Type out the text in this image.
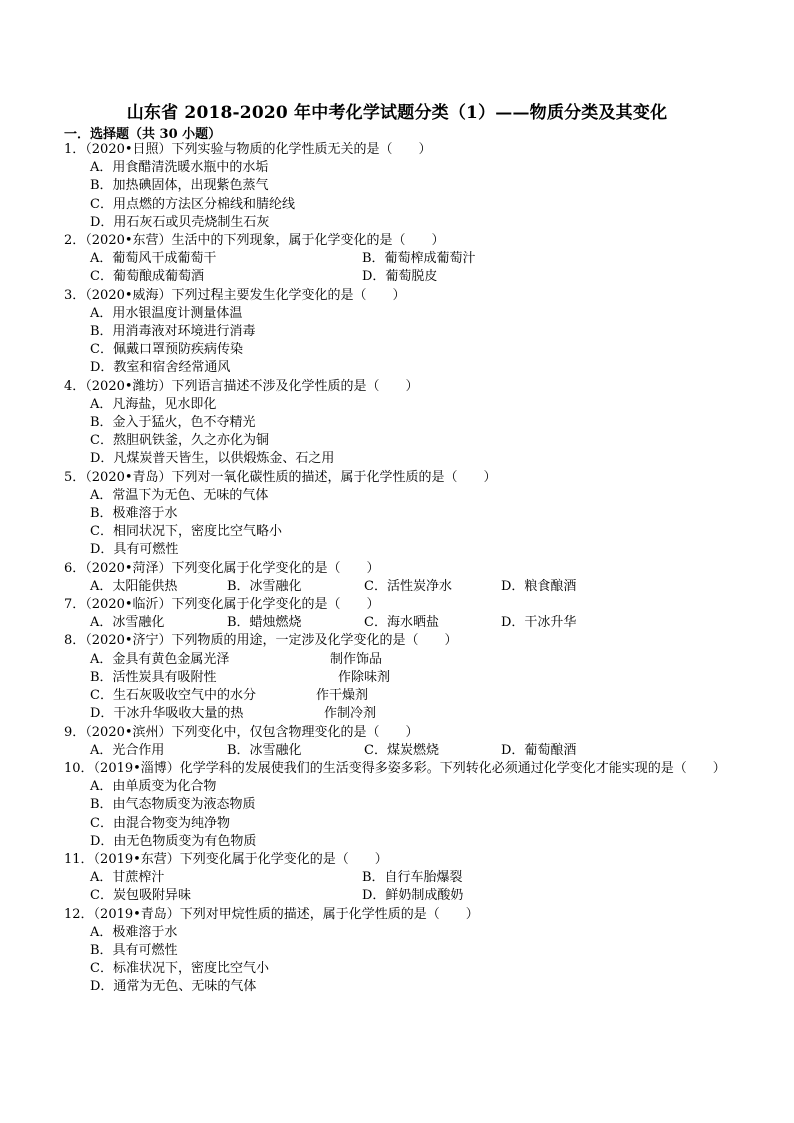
山东省 2018-2020 年中考化学试题分类（1）——物质分类及其变化
一．选择题（共 30 小题）
1．（2020•日照）下列实验与物质的化学性质无关的是（　　）
A．用食醋清洗暖水瓶中的水垢
B．加热碘固体，出现紫色蒸气
C．用点燃的方法区分棉线和腈纶线
D．用石灰石或贝壳烧制生石灰
2．（2020•东营）生活中的下列现象，属于化学变化的是（　　）
A．葡萄风干成葡萄干	B．葡萄榨成葡萄汁
C．葡萄酿成葡萄酒	D．葡萄脱皮
3．（2020•威海）下列过程主要发生化学变化的是（　　）
A．用水银温度计测量体温
B．用消毒液对环境进行消毒
C．佩戴口罩预防疾病传染
D．教室和宿舍经常通风
4．（2020•潍坊）下列语言描述不涉及化学性质的是（　　）
A．凡海盐，见水即化
B．金入于猛火，色不夺精光
C．熬胆矾铁釜，久之亦化为铜
D．凡煤炭普天皆生，以供煅炼金、石之用
5．（2020•青岛）下列对一氧化碳性质的描述，属于化学性质的是（　　）
A．常温下为无色、无味的气体
B．极难溶于水
C．相同状况下，密度比空气略小
D．具有可燃性
6．（2020•菏泽）下列变化属于化学变化的是（　　）
A．太阳能供热	B．冰雪融化	C．活性炭净水	D．粮食酿酒
7．（2020•临沂）下列变化属于化学变化的是（　　）
A．冰雪融化	B．蜡烛燃烧	C．海水晒盐	D．干冰升华
8．（2020•济宁）下列物质的用途，一定涉及化学变化的是（　　）
A．金具有黄色金属光泽	制作饰品
B．活性炭具有吸附性	作除味剂
C．生石灰吸收空气中的水分	作干燥剂
D．干冰升华吸收大量的热	作制冷剂
9．（2020•滨州）下列变化中，仅包含物理变化的是（　　）
A．光合作用	B．冰雪融化	C．煤炭燃烧	D．葡萄酿酒
10．（2019•淄博）化学学科的发展使我们的生活变得多姿多彩。下列转化必须通过化学变化才能实现的是（　　）
A．由单质变为化合物
B．由气态物质变为液态物质
C．由混合物变为纯净物
D．由无色物质变为有色物质
11．（2019•东营）下列变化属于化学变化的是（　　）
A．甘蔗榨汁	B．自行车胎爆裂
C．炭包吸附异味	D．鲜奶制成酸奶
12．（2019•青岛）下列对甲烷性质的描述，属于化学性质的是（　　）
A．极难溶于水
B．具有可燃性
C．标准状况下，密度比空气小
D．通常为无色、无味的气体
